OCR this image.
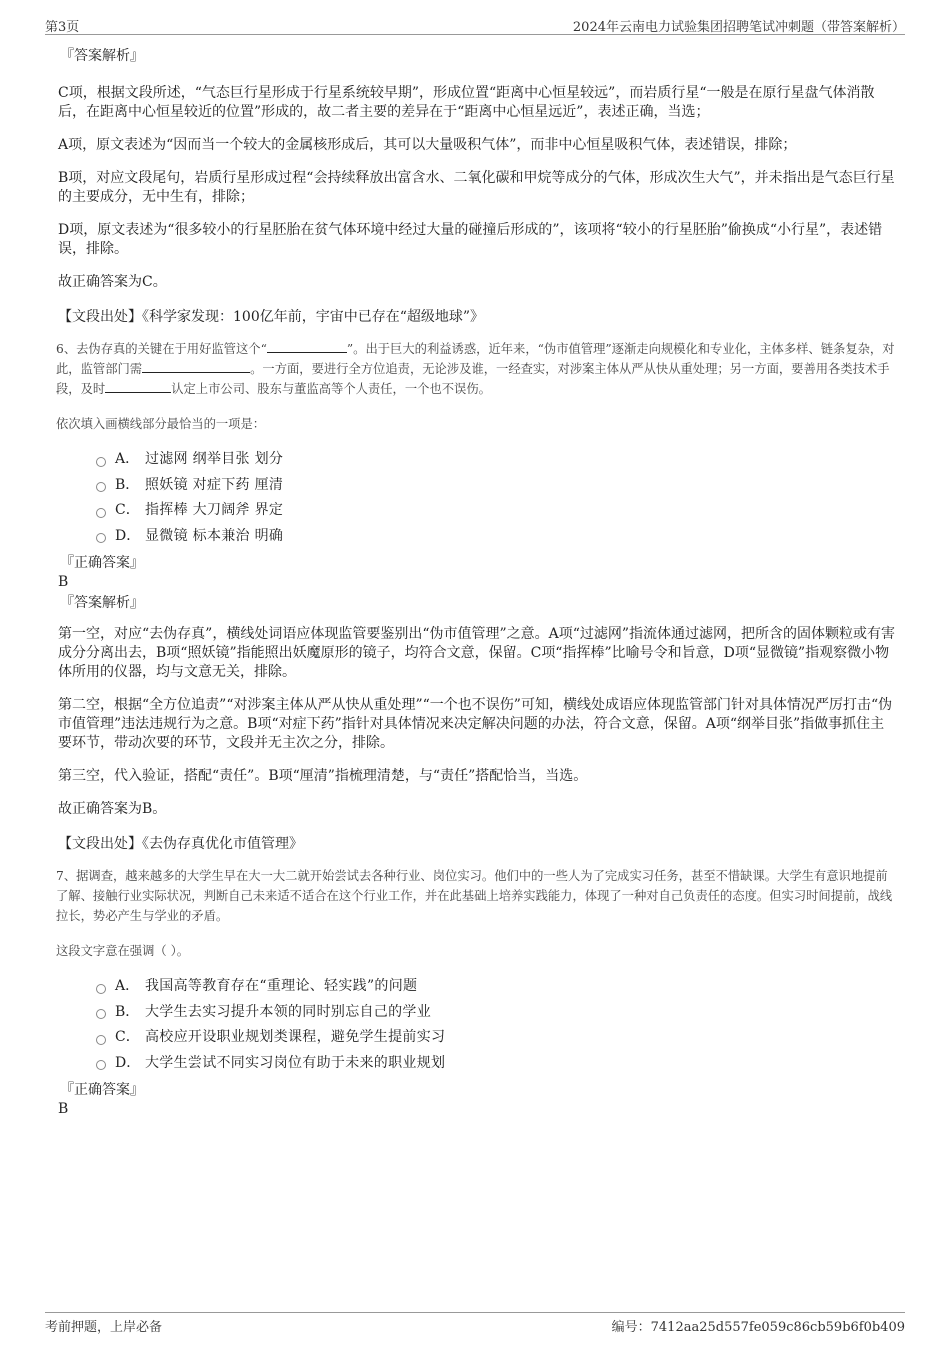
第3页	2024年云南电力试验集团招聘笔试冲刺题（带答案解析）
『答案解析』
C项，根据文段所述，“气态巨行星形成于行星系统较早期”，形成位置“距离中心恒星较远”，而岩质行星“一般是在原行星盘气体消散后，在距离中心恒星较近的位置”形成的，故二者主要的差异在于“距离中心恒星远近”，表述正确，当选；
A项，原文表述为“因而当一个较大的金属核形成后，其可以大量吸积气体”，而非中心恒星吸积气体，表述错误，排除；
B项，对应文段尾句，岩质行星形成过程“会持续释放出富含水、二氧化碳和甲烷等成分的气体，形成次生大气”，并未指出是气态巨行星的主要成分，无中生有，排除；
D项，原文表述为“很多较小的行星胚胎在贫气体环境中经过大量的碰撞后形成的”，该项将“较小的行星胚胎”偷换成“小行星”，表述错误，排除。
故正确答案为C。
【文段出处】《科学家发现：100亿年前，宇宙中已存在“超级地球”》
6、去伪存真的关键在于用好监管这个“	”。出于巨大的利益诱惑，近年来，“伪市值管理”逐渐走向规模化和专业化，主体多样、链条复杂，对此，监管部门需	。一方面，要进行全方位追责，无论涉及谁，一经查实，对涉案主体从严从快从重处理；另一方面，要善用各类技术手段，及时	认定上市公司、股东与董监高等个人责任，一个也不误伤。
依次填入画横线部分最恰当的一项是：
A． 过滤网 纲举目张 划分
B． 照妖镜 对症下药 厘清
C． 指挥棒 大刀阔斧 界定
D． 显微镜 标本兼治 明确
『正确答案』
B
『答案解析』
第一空，对应“去伪存真”，横线处词语应体现监管要鉴别出“伪市值管理”之意。A项“过滤网”指流体通过滤网，把所含的固体颗粒或有害成分分离出去，B项“照妖镜”指能照出妖魔原形的镜子，均符合文意，保留。C项“指挥棒”比喻号令和旨意，D项“显微镜”指观察微小物体所用的仪器，均与文意无关，排除。
第二空，根据“全方位追责”“对涉案主体从严从快从重处理”“一个也不误伤”可知，横线处成语应体现监管部门针对具体情况严厉打击“伪市值管理”违法违规行为之意。B项“对症下药”指针对具体情况来决定解决问题的办法，符合文意，保留。A项“纲举目张”指做事抓住主要环节，带动次要的环节，文段并无主次之分，排除。
第三空，代入验证，搭配“责任”。B项“厘清”指梳理清楚，与“责任”搭配恰当，当选。
故正确答案为B。
【文段出处】《去伪存真优化市值管理》
7、据调查，越来越多的大学生早在大一大二就开始尝试去各种行业、岗位实习。他们中的一些人为了完成实习任务，甚至不惜缺课。大学生有意识地提前了解、接触行业实际状况，判断自己未来适不适合在这个行业工作，并在此基础上培养实践能力，体现了一种对自己负责任的态度。但实习时间提前，战线拉长，势必产生与学业的矛盾。
这段文字意在强调（ ）。
A． 我国高等教育存在“重理论、轻实践”的问题
B． 大学生去实习提升本领的同时别忘自己的学业
C． 高校应开设职业规划类课程，避免学生提前实习
D． 大学生尝试不同实习岗位有助于未来的职业规划
『正确答案』
B
考前押题，上岸必备	编号：7412aa25d557fe059c86cb59b6f0b409
